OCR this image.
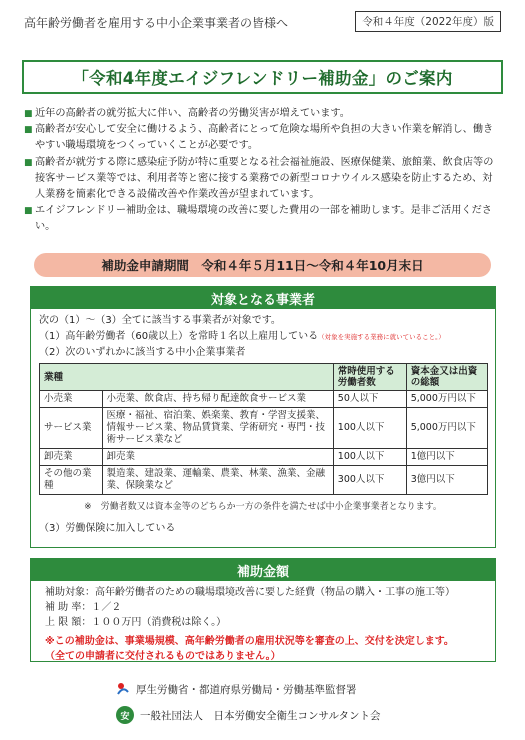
高年齢労働者を雇用する中小企業事業者の皆様へ	令和４年度（2022年度）版
「令和4年度エイジフレンドリー補助金」のご案内
■ 近年の高齢者の就労拡大に伴い、高齢者の労働災害が増えています。
■ 高齢者が安心して安全に働けるよう、高齢者にとって危険な場所や負担の大きい作業を解消し、働きやすい職場環境をつくっていくことが必要です。
■ 高齢者が就労する際に感染症予防が特に重要となる社会福祉施設、医療保健業、旅館業、飲食店等の接客サービス業等では、利用者等と密に接する業務での新型コロナウイルス感染を防止するため、対人業務を簡素化できる設備改善や作業改善が望まれています。
■ エイジフレンドリー補助金は、職場環境の改善に要した費用の一部を補助します。是非ご活用ください。
補助金申請期間　令和４年５月11日～令和４年10月末日
対象となる事業者
次の（1）～（3）全てに該当する事業者が対象です。
（1）高年齢労働者（60歳以上）を常時１名以上雇用している（対象を実施する業務に就いていること。）
（2）次のいずれかに該当する中小企業事業者
業種		常時使用する労働者数	資本金又は出資の総額
小売業	小売業、飲食店、持ち帰り配達飲食サービス業	50人以下	5,000万円以下
サービス業	医療・福祉、宿泊業、娯楽業、教育・学習支援業、情報サービス業、物品賃貸業、学術研究・専門・技術サービス業など	100人以下	5,000万円以下
卸売業	卸売業	100人以下	1億円以下
その他の業種	製造業、建設業、運輸業、農業、林業、漁業、金融業、保険業など	300人以下	3億円以下
※　労働者数又は資本金等のどちらか一方の条件を満たせば中小企業事業者となります。
（3）労働保険に加入している
補助金額
補助対象：高年齢労働者のための職場環境改善に要した経費（物品の購入・工事の施工等）
補 助 率：１／２
上 限 額：１００万円（消費税は除く。）
※この補助金は、事業場規模、高年齢労働者の雇用状況等を審査の上、交付を決定します。
（全ての申請者に交付されるものではありません。）
厚生労働省・都道府県労働局・労働基準監督署
安	一般社団法人　日本労働安全衛生コンサルタント会
